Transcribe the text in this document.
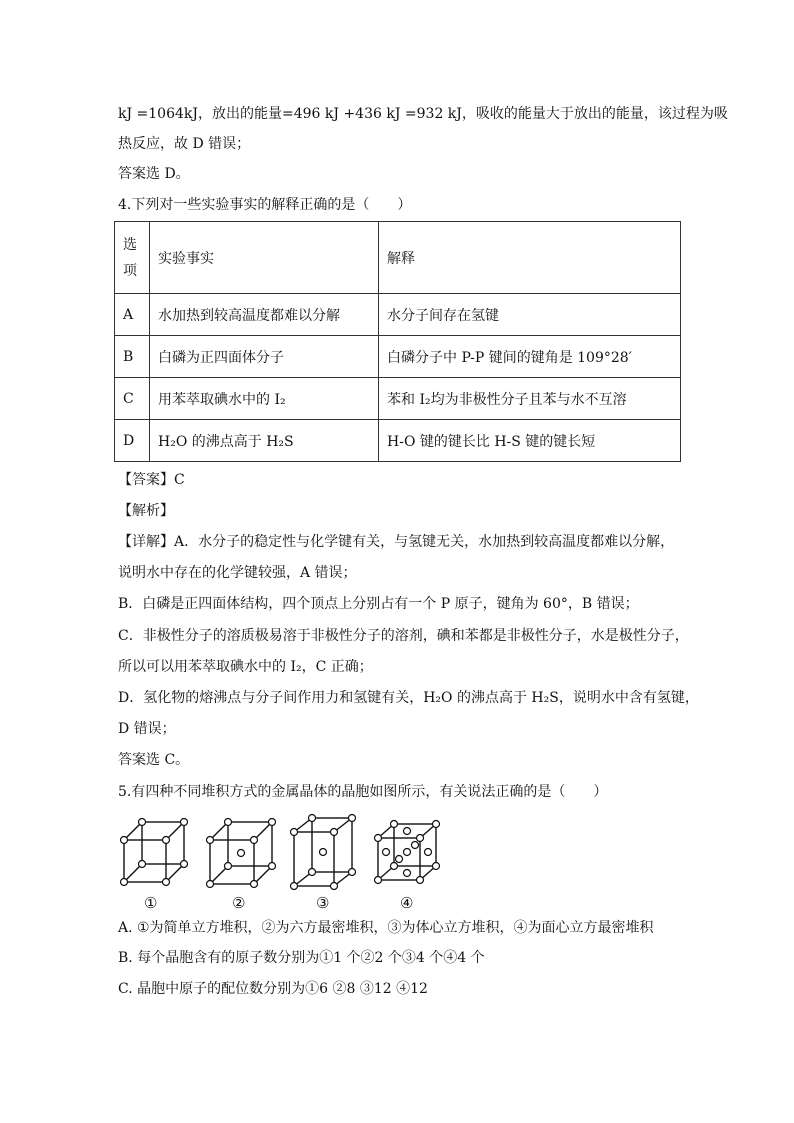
kJ =1064kJ，放出的能量=496 kJ +436 kJ =932 kJ，吸收的能量大于放出的能量，该过程为吸
热反应，故 D 错误；
答案选 D。
4.下列对一些实验事实的解释正确的是（　　）
选项	实验事实	解释
A	水加热到较高温度都难以分解	水分子间存在氢键
B	白磷为正四面体分子	白磷分子中 P-P 键间的键角是 109°28′
C	用苯萃取碘水中的 I₂	苯和 I₂均为非极性分子且苯与水不互溶
D	H₂O 的沸点高于 H₂S	H-O 键的键长比 H-S 键的键长短
【答案】C
【解析】
【详解】A．水分子的稳定性与化学键有关，与氢键无关，水加热到较高温度都难以分解，
说明水中存在的化学键较强，A 错误；
B．白磷是正四面体结构，四个顶点上分别占有一个 P 原子，键角为 60°，B 错误；
C．非极性分子的溶质极易溶于非极性分子的溶剂，碘和苯都是非极性分子，水是极性分子，
所以可以用苯萃取碘水中的 I₂，C 正确；
D．氢化物的熔沸点与分子间作用力和氢键有关，H₂O 的沸点高于 H₂S，说明水中含有氢键，
D 错误；
答案选 C。
5.有四种不同堆积方式的金属晶体的晶胞如图所示，有关说法正确的是（　　）
①	②	③	④
A. ①为简单立方堆积，②为六方最密堆积，③为体心立方堆积，④为面心立方最密堆积
B. 每个晶胞含有的原子数分别为①1 个②2 个③4 个④4 个
C. 晶胞中原子的配位数分别为①6 ②8 ③12 ④12
